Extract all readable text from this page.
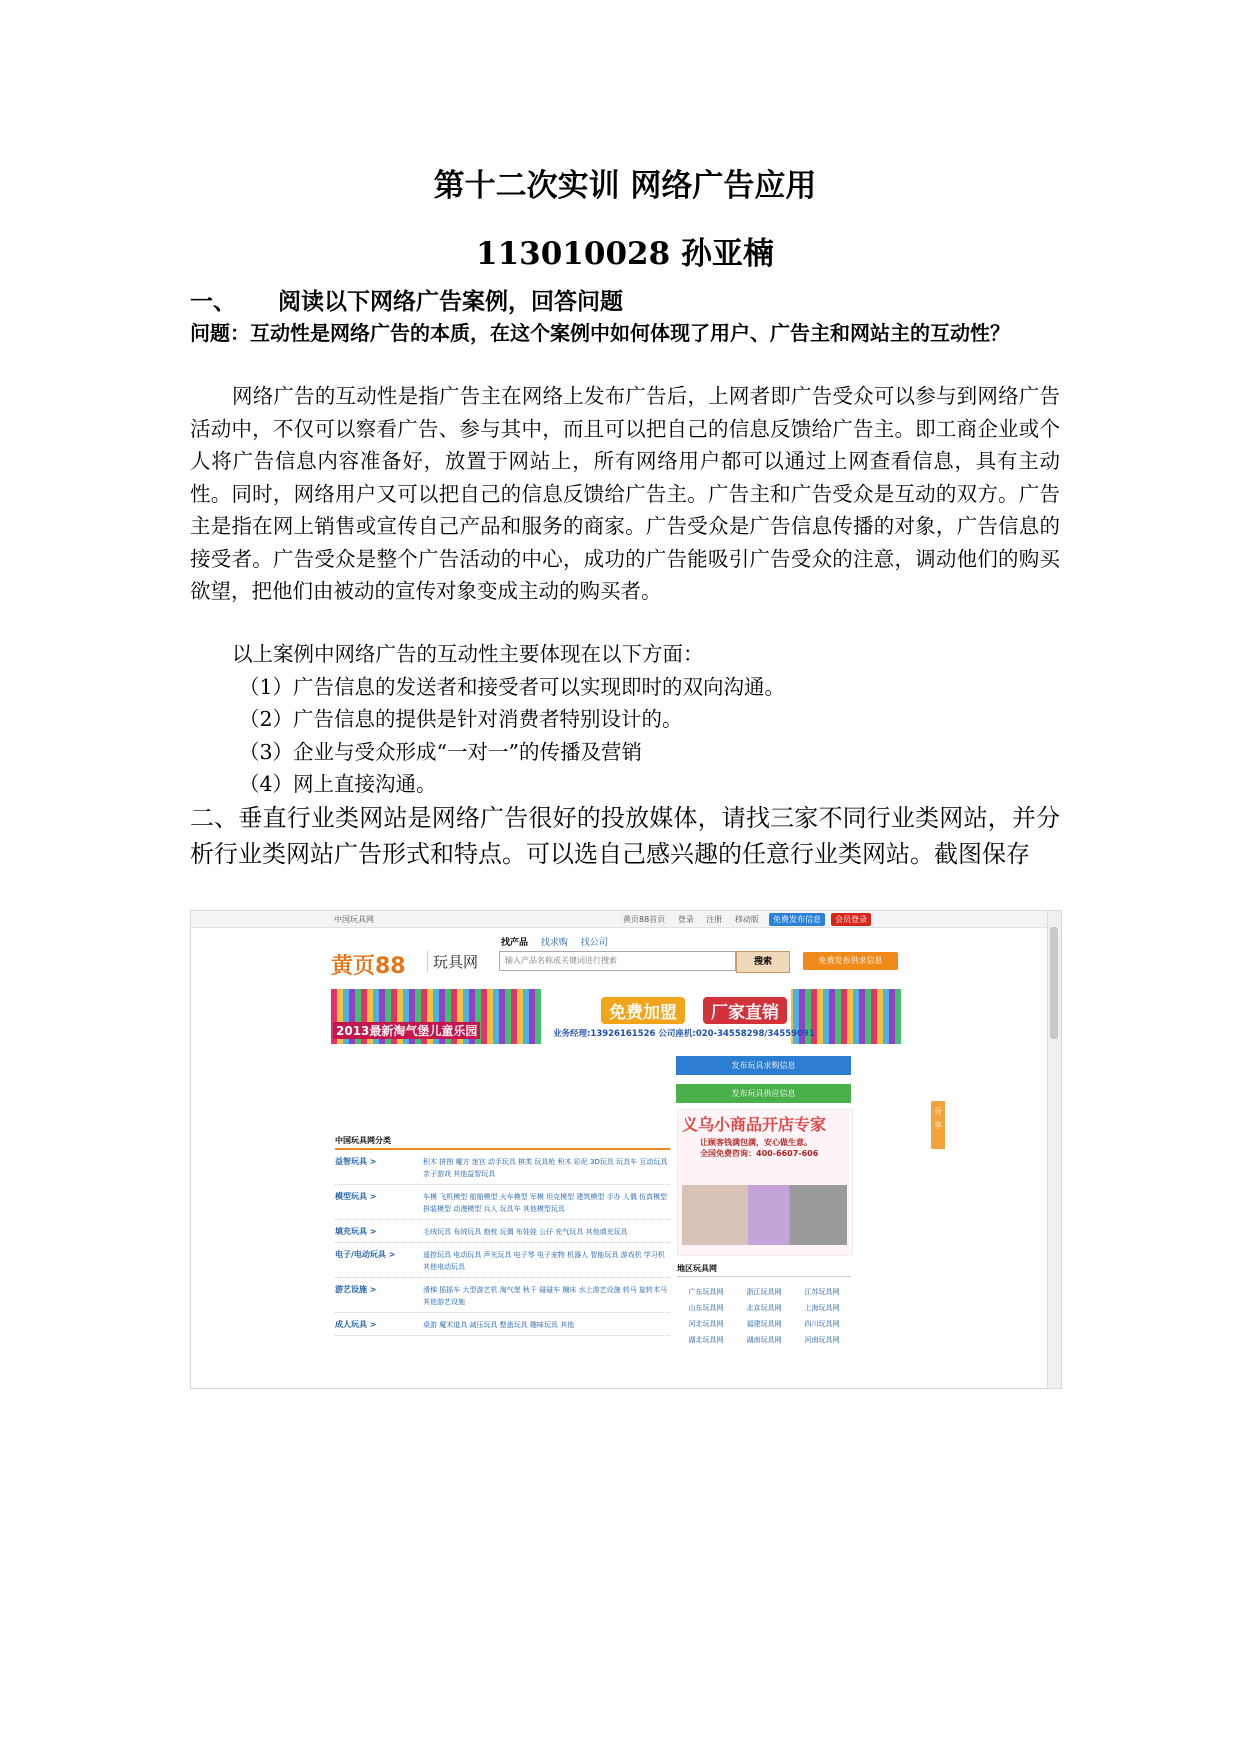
第十二次实训 网络广告应用
113010028 孙亚楠
一、 阅读以下网络广告案例，回答问题
问题：互动性是网络广告的本质，在这个案例中如何体现了用户、广告主和网站主的互动性？

网络广告的互动性是指广告主在网络上发布广告后，上网者即广告受众可以参与到网络广告活动中，不仅可以察看广告、参与其中，而且可以把自己的信息反馈给广告主。即工商企业或个人将广告信息内容准备好，放置于网站上，所有网络用户都可以通过上网查看信息，具有主动性。同时，网络用户又可以把自己的信息反馈给广告主。广告主和广告受众是互动的双方。广告主是指在网上销售或宣传自己产品和服务的商家。广告受众是广告信息传播的对象，广告信息的接受者。广告受众是整个广告活动的中心，成功的广告能吸引广告受众的注意，调动他们的购买欲望，把他们由被动的宣传对象变成主动的购买者。

以上案例中网络广告的互动性主要体现在以下方面：
（1）广告信息的发送者和接受者可以实现即时的双向沟通。
（2）广告信息的提供是针对消费者特别设计的。
（3）企业与受众形成“一对一”的传播及营销
（4）网上直接沟通。
二、垂直行业类网站是网络广告很好的投放媒体，请找三家不同行业类网站，并分析行业类网站广告形式和特点。可以选自己感兴趣的任意行业类网站。截图保存
中国玩具网	黄页88首页 登录 注册 移动版	免费发布信息	会员登录
黄页88	玩具网
找产品 找求购 找公司
输入产品名称或关键词进行搜索	搜索	免费发布供求信息
免费加盟	厂家直销
2013最新淘气堡儿童乐园	业务经理:13926161526 公司座机:020-34558298/34559091
发布玩具求购信息
发布玩具供应信息
义乌小商品开店专家
让顾客钱满包满，安心做生意。
全国免费咨询：400-6607-606
中国玩具网分类
益智玩具 >	积木 拼图 魔方 迷宫 动手玩具 棋类 玩具枪 积木 彩泥 3D玩具 玩具车 互动玩具 亲子游戏 其他益智玩具
模型玩具 >	车模 飞机模型 船舶模型 火车模型 军模 坦克模型 建筑模型 手办 人偶 仿真模型 拼装模型 动漫模型 兵人 玩具车 其他模型玩具
填充玩具 >	毛绒玩具 布绒玩具 抱枕 玩偶 布娃娃 公仔 充气玩具 其他填充玩具
电子/电动玩具 >	遥控玩具 电动玩具 声光玩具 电子琴 电子宠物 机器人 智能玩具 游戏机 学习机 其他电动玩具
游艺设施 >	滑梯 摇摇车 大型游艺机 淘气堡 秋千 碰碰车 蹦床 水上游艺设施 转马 旋转木马 其他游艺设施
成人玩具 >	桌游 魔术道具 减压玩具 整蛊玩具 趣味玩具 其他
地区玩具网
广东玩具网	浙江玩具网	江苏玩具网
山东玩具网	北京玩具网	上海玩具网
河北玩具网	福建玩具网	四川玩具网
湖北玩具网	湖南玩具网	河南玩具网
分享
